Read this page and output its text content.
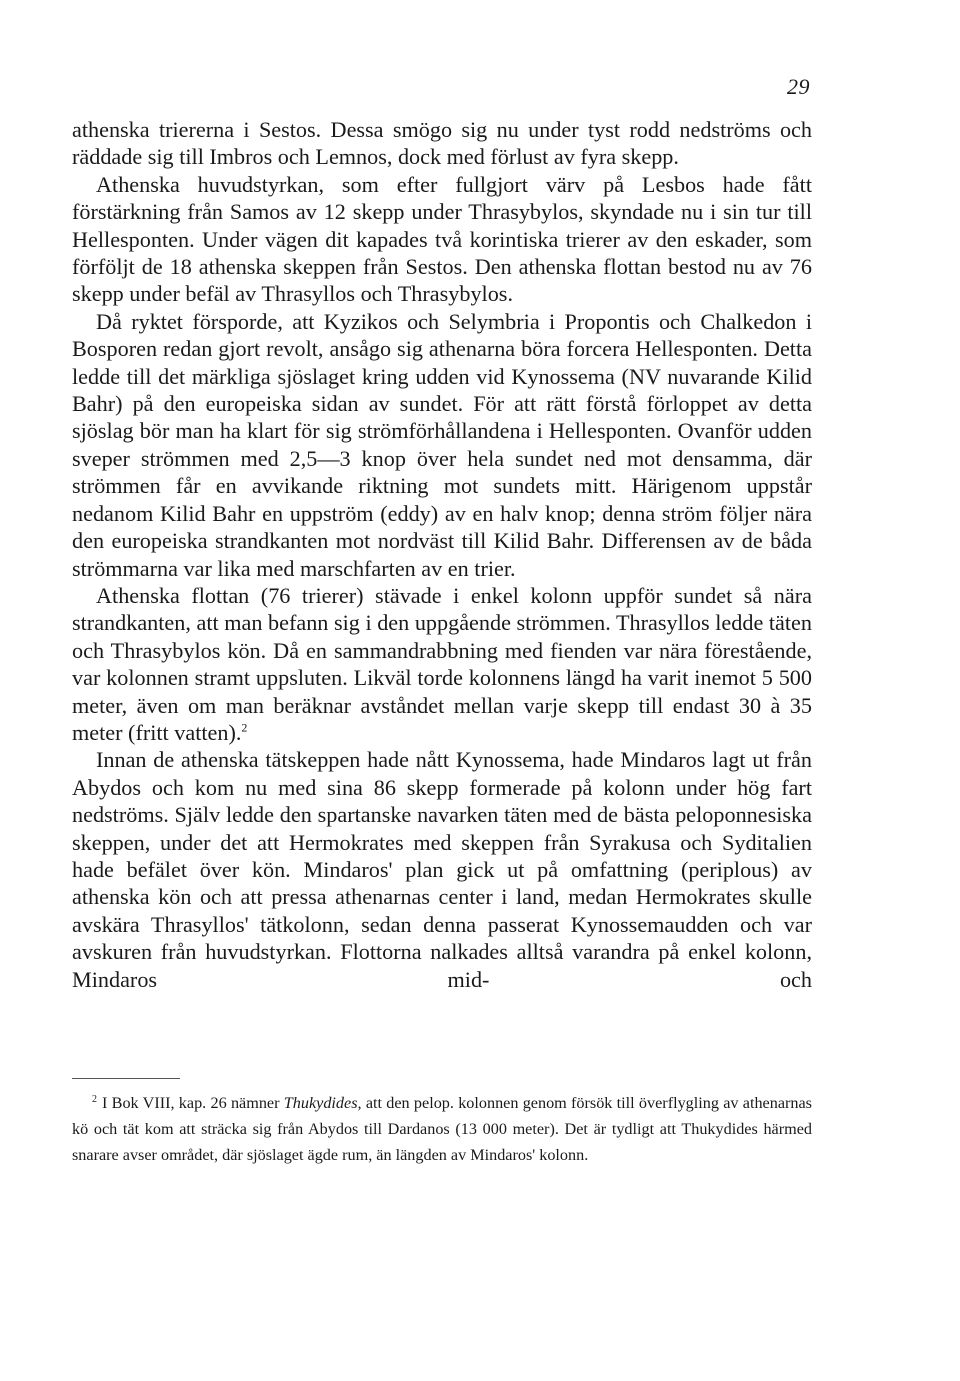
29

athenska triererna i Sestos. Dessa smögo sig nu under tyst rodd nedströms och räddade sig till Imbros och Lemnos, dock med förlust av fyra skepp.

Athenska huvudstyrkan, som efter fullgjort värv på Lesbos hade fått förstärkning från Samos av 12 skepp under Thrasybylos, skyndade nu i sin tur till Hellesponten. Under vägen dit kapades två korintiska trierer av den eskader, som förföljt de 18 athenska skeppen från Sestos. Den athenska flottan bestod nu av 76 skepp under befäl av Thrasyllos och Thrasybylos.

Då ryktet försporde, att Kyzikos och Selymbria i Propontis och Chalkedon i Bosporen redan gjort revolt, ansågo sig athenarna böra forcera Hellesponten. Detta ledde till det märkliga sjöslaget kring udden vid Kynossema (NV nuvarande Kilid Bahr) på den europeiska sidan av sundet. För att rätt förstå förloppet av detta sjöslag bör man ha klart för sig strömförhållandena i Hellesponten. Ovanför udden sveper strömmen med 2,5—3 knop över hela sundet ned mot densamma, där strömmen får en avvikande riktning mot sundets mitt. Härigenom uppstår nedanom Kilid Bahr en uppström (eddy) av en halv knop; denna ström följer nära den europeiska strandkanten mot nordväst till Kilid Bahr. Differensen av de båda strömmarna var lika med marschfarten av en trier.

Athenska flottan (76 trierer) stävade i enkel kolonn uppför sundet så nära strandkanten, att man befann sig i den uppgående strömmen. Thrasyllos ledde täten och Thrasybylos kön. Då en sammandrabbning med fienden var nära förestående, var kolonnen stramt uppsluten. Likväl torde kolonnens längd ha varit inemot 5 500 meter, även om man beräknar avståndet mellan varje skepp till endast 30 à 35 meter (fritt vatten).$^2$

Innan de athenska tätskeppen hade nått Kynossema, hade Mindaros lagt ut från Abydos och kom nu med sina 86 skepp formerade på kolonn under hög fart nedströms. Själv ledde den spartanske navarken täten med de bästa peloponnesiska skeppen, under det att Hermokrates med skeppen från Syrakusa och Syditalien hade befälet över kön. Mindaros' plan gick ut på omfattning (periplous) av athenska kön och att pressa athenarnas center i land, medan Hermokrates skulle avskära Thrasyllos' tätkolonn, sedan denna passerat Kynossemaudden och var avskuren från huvudstyrkan. Flottorna nalkades alltså varandra på enkel kolonn, Mindaros mid- och

$^2$ I Bok VIII, kap. 26 nämner Thukydides, att den pelop. kolonnen genom försök till överflygling av athenarnas kö och tät kom att sträcka sig från Abydos till Dardanos (13 000 meter). Det är tydligt att Thukydides härmed snarare avser området, där sjöslaget ägde rum, än längden av Mindaros' kolonn.
